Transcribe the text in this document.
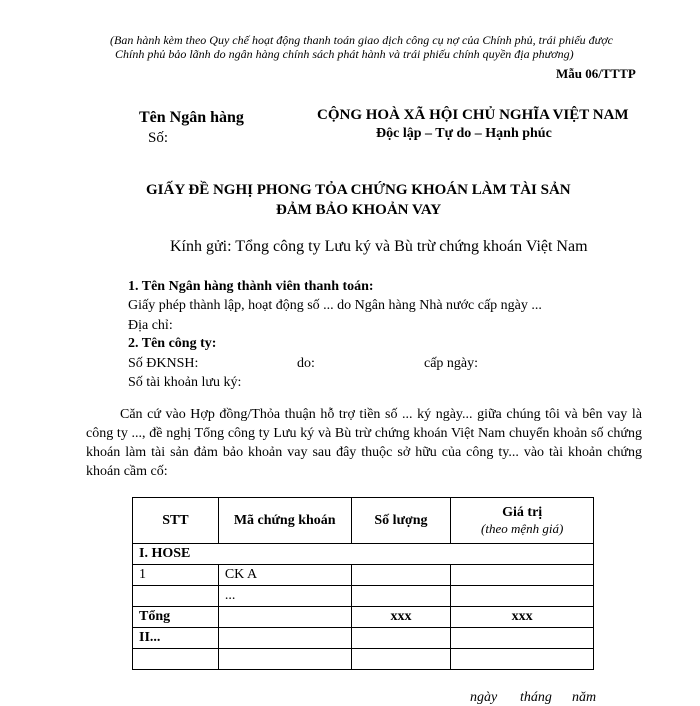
(Ban hành kèm theo Quy chế hoạt động thanh toán giao dịch công cụ nợ của Chính phủ, trái phiếu được
Chính phủ bảo lãnh do ngân hàng chính sách phát hành và trái phiếu chính quyền địa phương)
Mẫu 06/TTTP
Tên Ngân hàng
Số:
CỘNG HOÀ XÃ HỘI CHỦ NGHĨA VIỆT NAM
Độc lập – Tự do – Hạnh phúc
GIẤY ĐỀ NGHỊ PHONG TỎA CHỨNG KHOÁN LÀM TÀI SẢN
ĐẢM BẢO KHOẢN VAY
Kính gửi: Tổng công ty Lưu ký và Bù trừ chứng khoán Việt Nam
1. Tên Ngân hàng thành viên thanh toán:
Giấy phép thành lập, hoạt động số ... do Ngân hàng Nhà nước cấp ngày ...
Địa chỉ:
2. Tên công ty:
Số ĐKNSH:	do:	cấp ngày:
Số tài khoản lưu ký:
Căn cứ vào Hợp đồng/Thỏa thuận hỗ trợ tiền số ... ký ngày... giữa chúng tôi và bên vay là công ty ..., đề nghị Tổng công ty Lưu ký và Bù trừ chứng khoán Việt Nam chuyển khoản số chứng khoán làm tài sản đảm bảo khoản vay sau đây thuộc sở hữu của công ty... vào tài khoản chứng khoán cầm cố:
STT	Mã chứng khoán	Số lượng	Giá trị
(theo mệnh giá)

I. HOSE			
1	CK A		
	...		
Tổng		xxx	xxx
II...			

ngày tháng năm
